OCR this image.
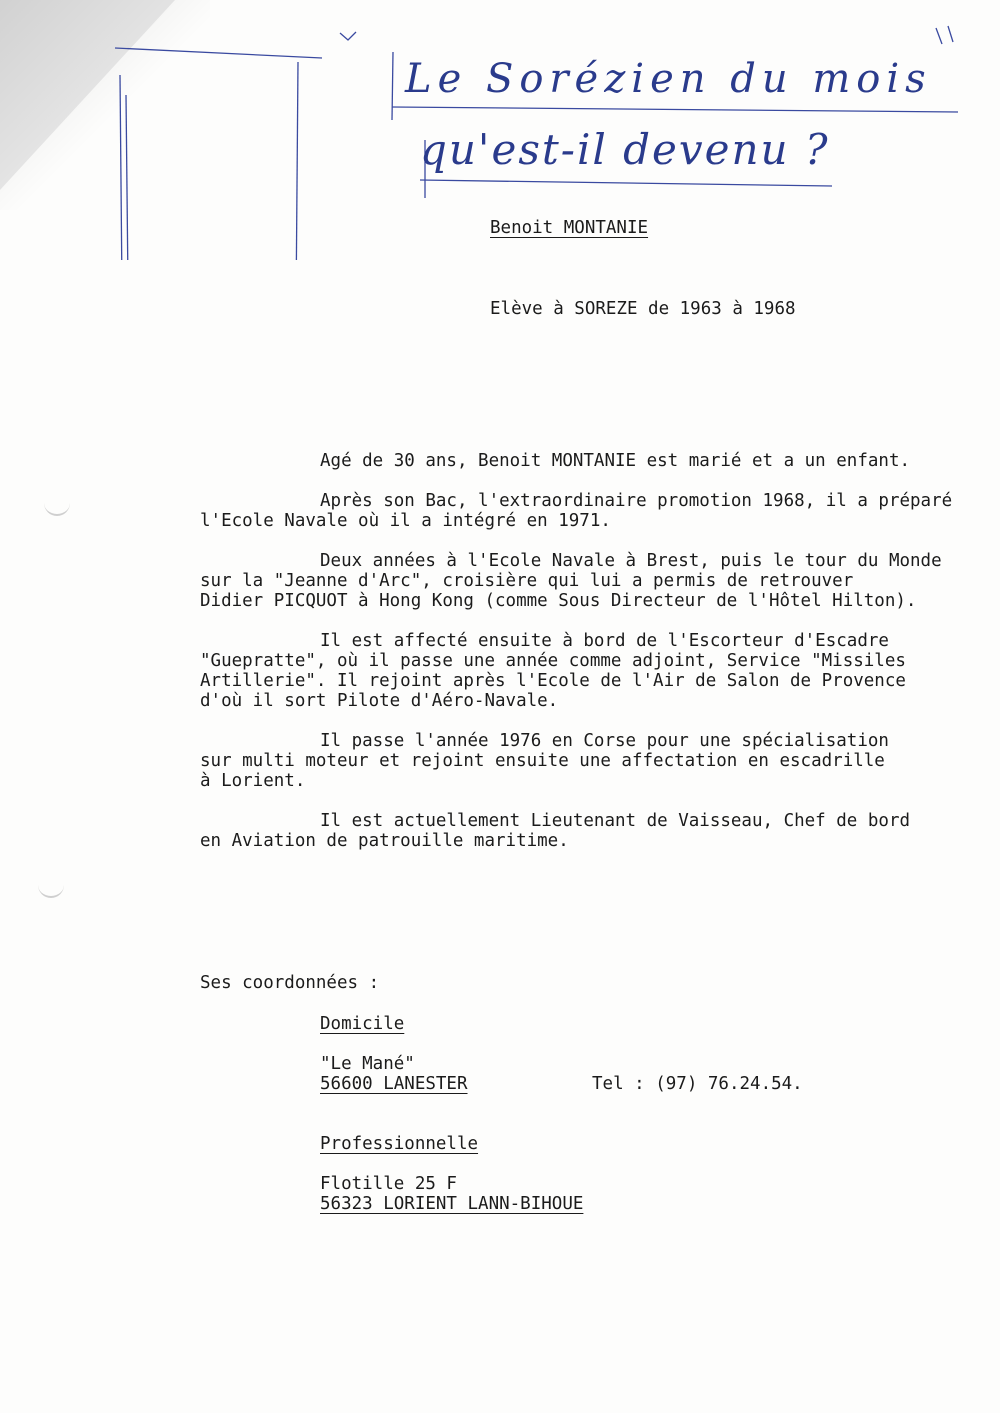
Le Sorézien du mois
qu'est-il devenu ?
Benoit MONTANIE
Elève à SOREZE de 1963 à 1968
Agé de 30 ans, Benoit MONTANIE est marié et a un enfant.
Après son Bac, l'extraordinaire promotion 1968, il a préparé
l'Ecole Navale où il a intégré en 1971.
Deux années à l'Ecole Navale à Brest, puis le tour du Monde
sur la "Jeanne d'Arc", croisière qui lui a permis de retrouver
Didier PICQUOT à Hong Kong (comme Sous Directeur de l'Hôtel Hilton).
Il est affecté ensuite à bord de l'Escorteur d'Escadre
"Guepratte", où il passe une année comme adjoint, Service "Missiles
Artillerie". Il rejoint après l'Ecole de l'Air de Salon de Provence
d'où il sort Pilote d'Aéro-Navale.
Il passe l'année 1976 en Corse pour une spécialisation
sur multi moteur et rejoint ensuite une affectation en escadrille
à Lorient.
Il est actuellement Lieutenant de Vaisseau, Chef de bord
en Aviation de patrouille maritime.
Ses coordonnées :
Domicile
"Le Mané"
56600 LANESTER	Tel : (97) 76.24.54.
Professionnelle
Flotille 25 F
56323 LORIENT LANN-BIHOUE
